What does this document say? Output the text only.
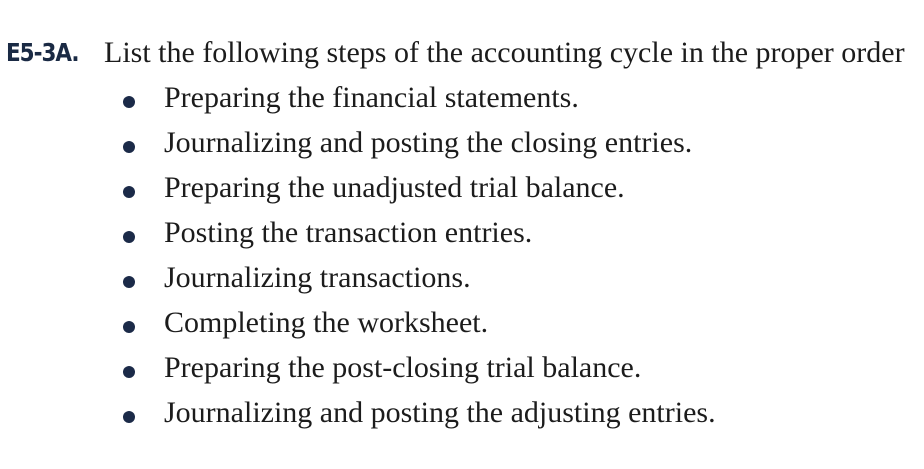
E5-3A. List the following steps of the accounting cycle in the proper order
Preparing the financial statements.
Journalizing and posting the closing entries.
Preparing the unadjusted trial balance.
Posting the transaction entries.
Journalizing transactions.
Completing the worksheet.
Preparing the post-closing trial balance.
Journalizing and posting the adjusting entries.
